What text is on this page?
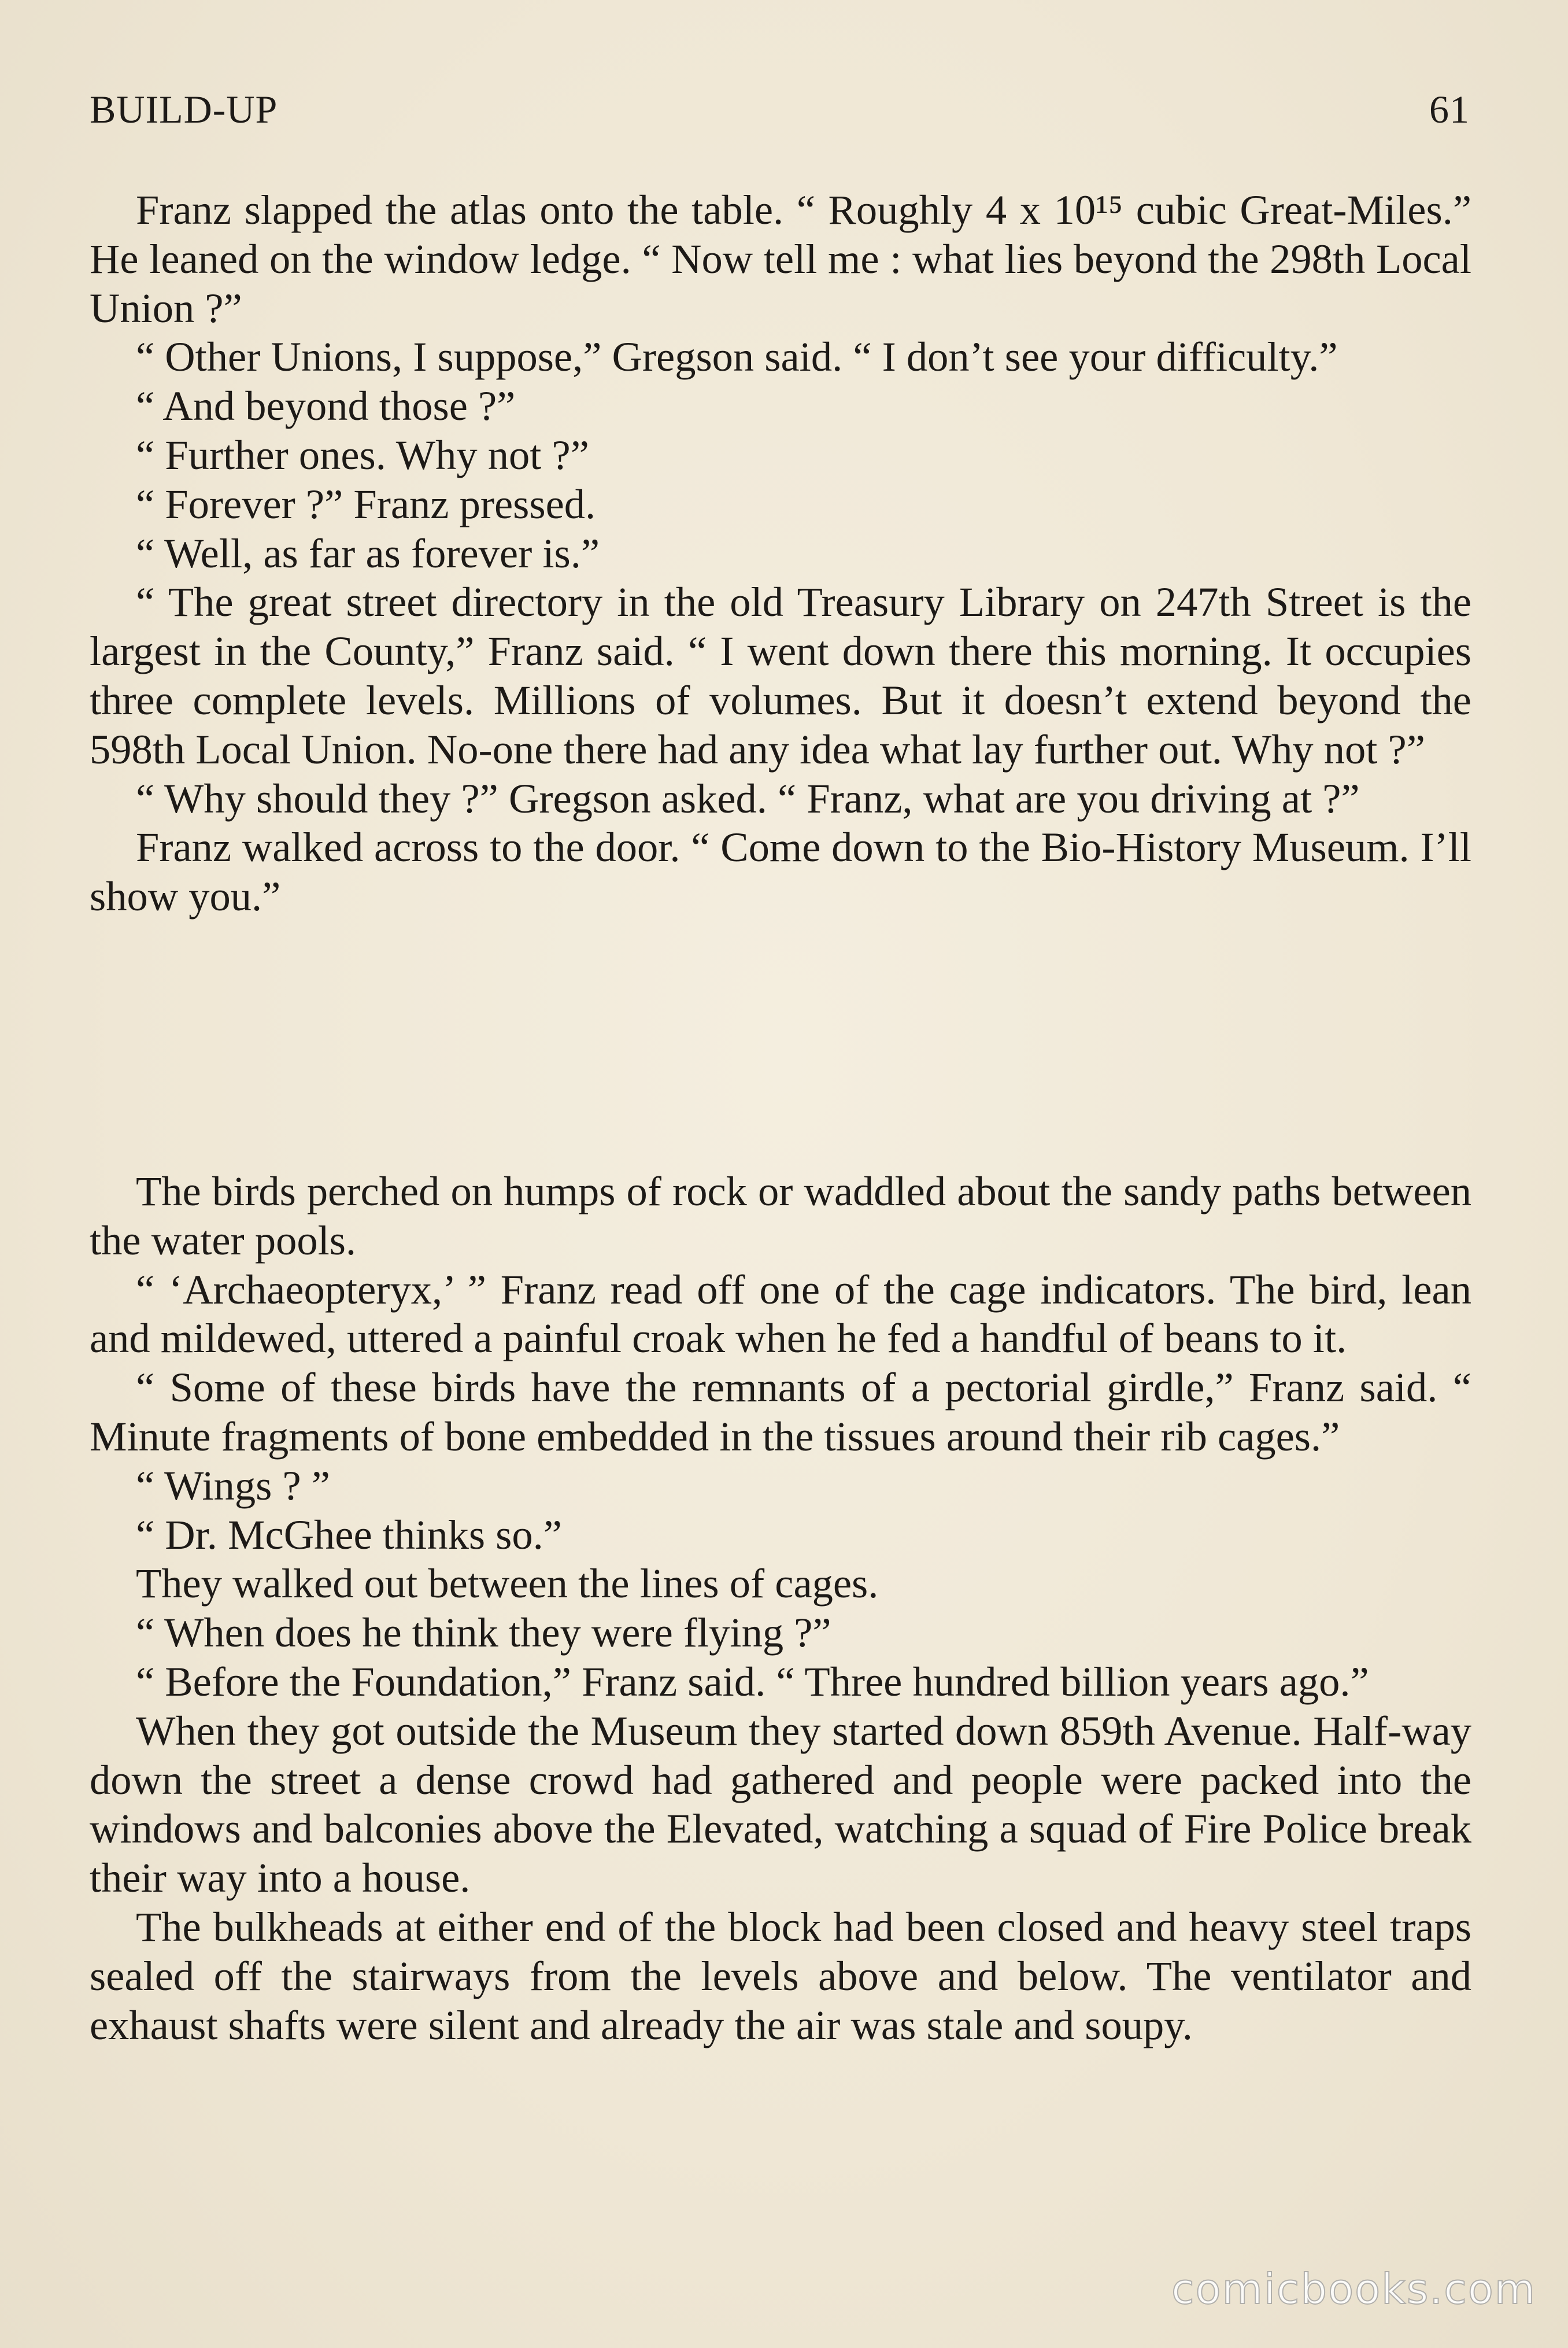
BUILD-UP	61

Franz slapped the atlas onto the table. “ Roughly 4 x 10¹⁵ cubic Great-Miles.” He leaned on the window ledge. “ Now tell me : what lies beyond the 298th Local Union ?”

“ Other Unions, I suppose,” Gregson said. “ I don’t see your difficulty.”

“ And beyond those ?”

“ Further ones. Why not ?”

“ Forever ?” Franz pressed.

“ Well, as far as forever is.”

“ The great street directory in the old Treasury Library on 247th Street is the largest in the County,” Franz said. “ I went down there this morning. It occupies three complete levels. Millions of volumes. But it doesn’t extend beyond the 598th Local Union. No-one there had any idea what lay further out. Why not ?”

“ Why should they ?” Gregson asked. “ Franz, what are you driving at ?”

Franz walked across to the door. “ Come down to the Bio-History Museum. I’ll show you.”

The birds perched on humps of rock or waddled about the sandy paths between the water pools.

“ ‘Archaeopteryx,’ ” Franz read off one of the cage indicators. The bird, lean and mildewed, uttered a painful croak when he fed a handful of beans to it.

“ Some of these birds have the remnants of a pectorial girdle,” Franz said. “ Minute fragments of bone embedded in the tissues around their rib cages.”

“ Wings ? ”

“ Dr. McGhee thinks so.”

They walked out between the lines of cages.

“ When does he think they were flying ?”

“ Before the Foundation,” Franz said. “ Three hundred billion years ago.”

When they got outside the Museum they started down 859th Avenue. Half-way down the street a dense crowd had gathered and people were packed into the windows and balconies above the Elevated, watching a squad of Fire Police break their way into a house.

The bulkheads at either end of the block had been closed and heavy steel traps sealed off the stairways from the levels above and below. The ventilator and exhaust shafts were silent and already the air was stale and soupy.

comicbooks.com
